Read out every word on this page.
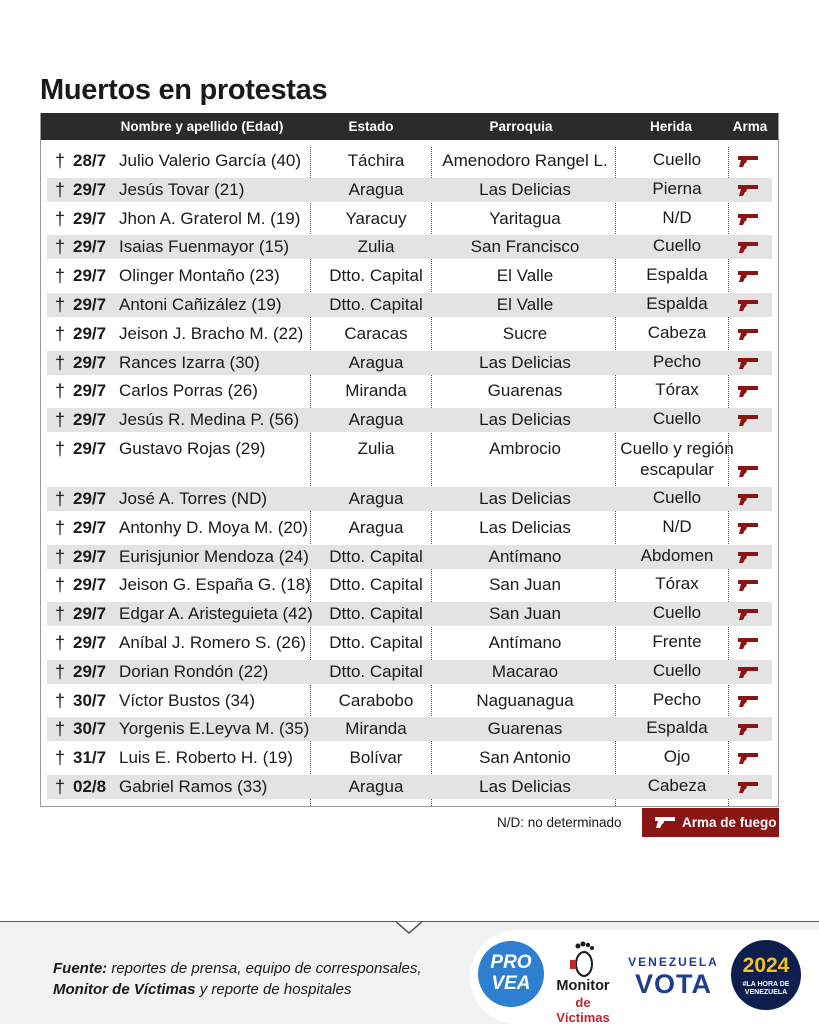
Muertos en protestas
Nombre y apellido (Edad)	Estado	Parroquia	Herida	Arma
† 28/7 Julio Valerio García (40)	Táchira	Amenodoro Rangel L.	Cuello
† 29/7 Jesús Tovar (21)	Aragua	Las Delicias	Pierna
† 29/7 Jhon A. Graterol M. (19)	Yaracuy	Yaritagua	N/D
† 29/7 Isaias Fuenmayor (15)	Zulia	San Francisco	Cuello
† 29/7 Olinger Montaño (23)	Dtto. Capital	El Valle	Espalda
† 29/7 Antoni Cañizález (19)	Dtto. Capital	El Valle	Espalda
† 29/7 Jeison J. Bracho M. (22)	Caracas	Sucre	Cabeza
† 29/7 Rances Izarra (30)	Aragua	Las Delicias	Pecho
† 29/7 Carlos Porras (26)	Miranda	Guarenas	Tórax
† 29/7 Jesús R. Medina P. (56)	Aragua	Las Delicias	Cuello
† 29/7 Gustavo Rojas (29)	Zulia	Ambrocio	Cuello y región escapular
† 29/7 José A. Torres (ND)	Aragua	Las Delicias	Cuello
† 29/7 Antonhy D. Moya M. (20)	Aragua	Las Delicias	N/D
† 29/7 Eurisjunior Mendoza (24)	Dtto. Capital	Antímano	Abdomen
† 29/7 Jeison G. España G. (18)	Dtto. Capital	San Juan	Tórax
† 29/7 Edgar A. Aristeguieta (42) Dtto. Capital	San Juan	Cuello
† 29/7 Aníbal J. Romero S. (26)	Dtto. Capital	Antímano	Frente
† 29/7 Dorian Rondón (22)	Dtto. Capital	Macarao	Cuello
† 30/7 Víctor Bustos (34)	Carabobo	Naguanagua	Pecho
† 30/7 Yorgenis E.Leyva M. (35)	Miranda	Guarenas	Espalda
† 31/7 Luis E. Roberto H. (19)	Bolívar	San Antonio	Ojo
† 02/8 Gabriel Ramos (33)	Aragua	Las Delicias	Cabeza
N/D: no determinado	Arma de fuego
Fuente: reportes de prensa, equipo de corresponsales,
Monitor de Víctimas y reporte de hospitales
PRO
VEA	Monitor
de Víctimas
VENEZUELA
VOTA
2024
#LA HORA DE VENEZUELA
